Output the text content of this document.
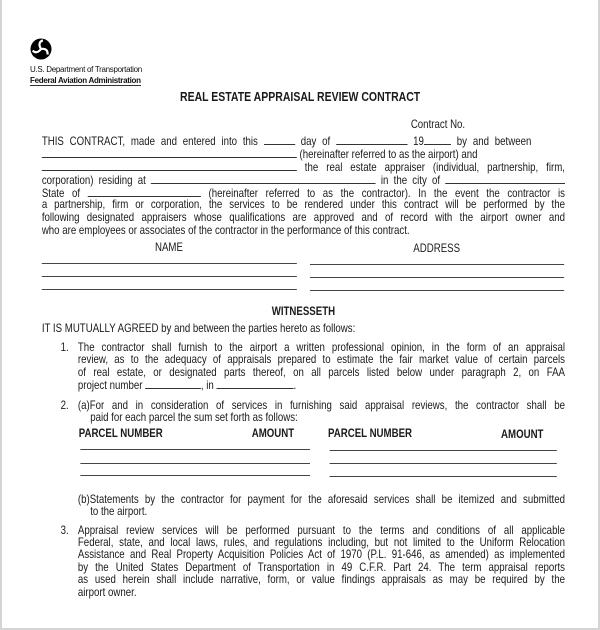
U.S. Department of Transportation
Federal Aviation Administration
REAL ESTATE APPRAISAL REVIEW CONTRACT
Contract No.
THIS CONTRACT, made and entered into this	day of	19	by and between
(hereinafter referred to as the airport) and
the real estate appraiser (individual, partnership, firm,
corporation) residing at	in the city of
State of	(hereinafter referred to as the contractor). In the event the contractor is
a partnership, firm or corporation, the services to be rendered under this contract will be performed by the
following designated appraisers whose qualifications are approved and of record with the airport owner and
who are employees or associates of the contractor in the performance of this contract.
NAME	ADDRESS
WITNESSETH
IT IS MUTUALLY AGREED by and between the parties hereto as follows:
1. The contractor shall furnish to the airport a written professional opinion, in the form of an appraisal
review, as to the adequacy of appraisals prepared to estimate the fair market value of certain parcels
of real estate, or designated parts thereof, on all parcels listed below under paragraph 2, on FAA
project number	, in	.
2. (a)For and in consideration of services in furnishing said appraisal reviews, the contractor shall be
paid for each parcel the sum set forth as follows:
PARCEL NUMBER	AMOUNT	PARCEL NUMBER	AMOUNT
(b)Statements by the contractor for payment for the aforesaid services shall be itemized and submitted
to the airport.
3. Appraisal review services will be performed pursuant to the terms and conditions of all applicable
Federal, state, and local laws, rules, and regulations including, but not limited to the Uniform Relocation
Assistance and Real Property Acquisition Policies Act of 1970 (P.L. 91-646, as amended) as implemented
by the United States Department of Transportation in 49 C.F.R. Part 24. The term appraisal reports
as used herein shall include narrative, form, or value findings appraisals as may be required by the
airport owner.
